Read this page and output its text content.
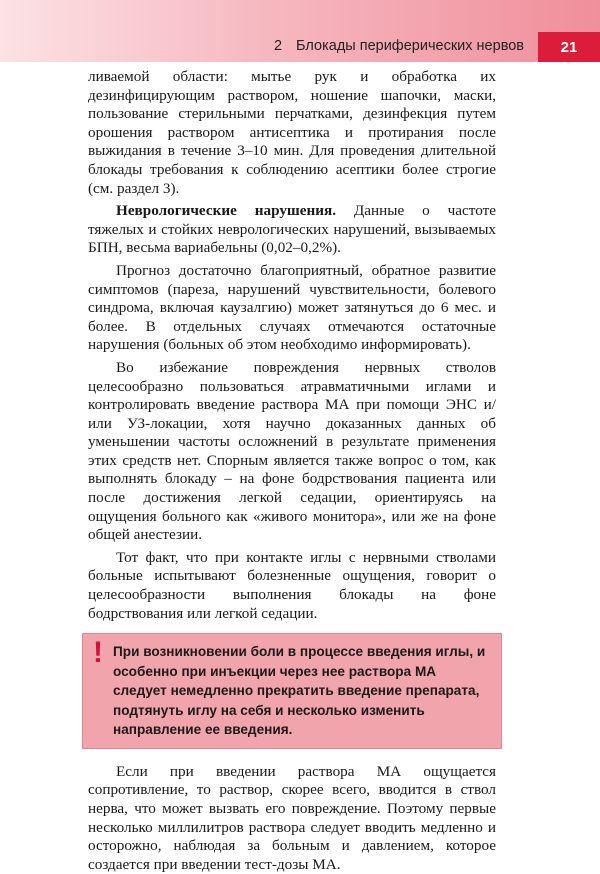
2 Блокады периферических нервов	21

ливаемой области: мытье рук и обработка их дезинфицирующим раствором, ношение шапочки, маски, пользование стерильными перчатками, дезинфекция путем орошения раствором антисептика и протирания после выжидания в течение 3–10 мин. Для проведения длительной блокады требования к соблюдению асептики более строгие (см. раздел 3).

Неврологические нарушения. Данные о частоте тяжелых и стойких неврологических нарушений, вызываемых БПН, весьма вариабельны (0,02–0,2%).

Прогноз достаточно благоприятный, обратное развитие симптомов (пареза, нарушений чувствительности, болевого синдрома, включая каузалгию) может затянуться до 6 мес. и более. В отдельных случаях отмечаются остаточные нарушения (больных об этом необходимо информировать).

Во избежание повреждения нервных стволов целесообразно пользоваться атравматичными иглами и контролировать введение раствора МА при помощи ЭНС и/или УЗ-локации, хотя научно доказанных данных об уменьшении частоты осложнений в результате применения этих средств нет. Спорным является также вопрос о том, как выполнять блокаду – на фоне бодрствования пациента или после достижения легкой седации, ориентируясь на ощущения больного как «живого монитора», или же на фоне общей анестезии.

Тот факт, что при контакте иглы с нервными стволами больные испытывают болезненные ощущения, говорит о целесообразности выполнения блокады на фоне бодрствования или легкой седации.

! При возникновении боли в процессе введения иглы, и особенно при инъекции через нее раствора МА следует немедленно прекратить введение препарата, подтянуть иглу на себя и несколько изменить направление ее введения.

Если при введении раствора МА ощущается сопротивление, то раствор, скорее всего, вводится в ствол нерва, что может вызвать его повреждение. Поэтому первые несколько миллилитров раствора следует вводить медленно и осторожно, наблюдая за больным и давлением, которое создается при введении тест-дозы МА.
